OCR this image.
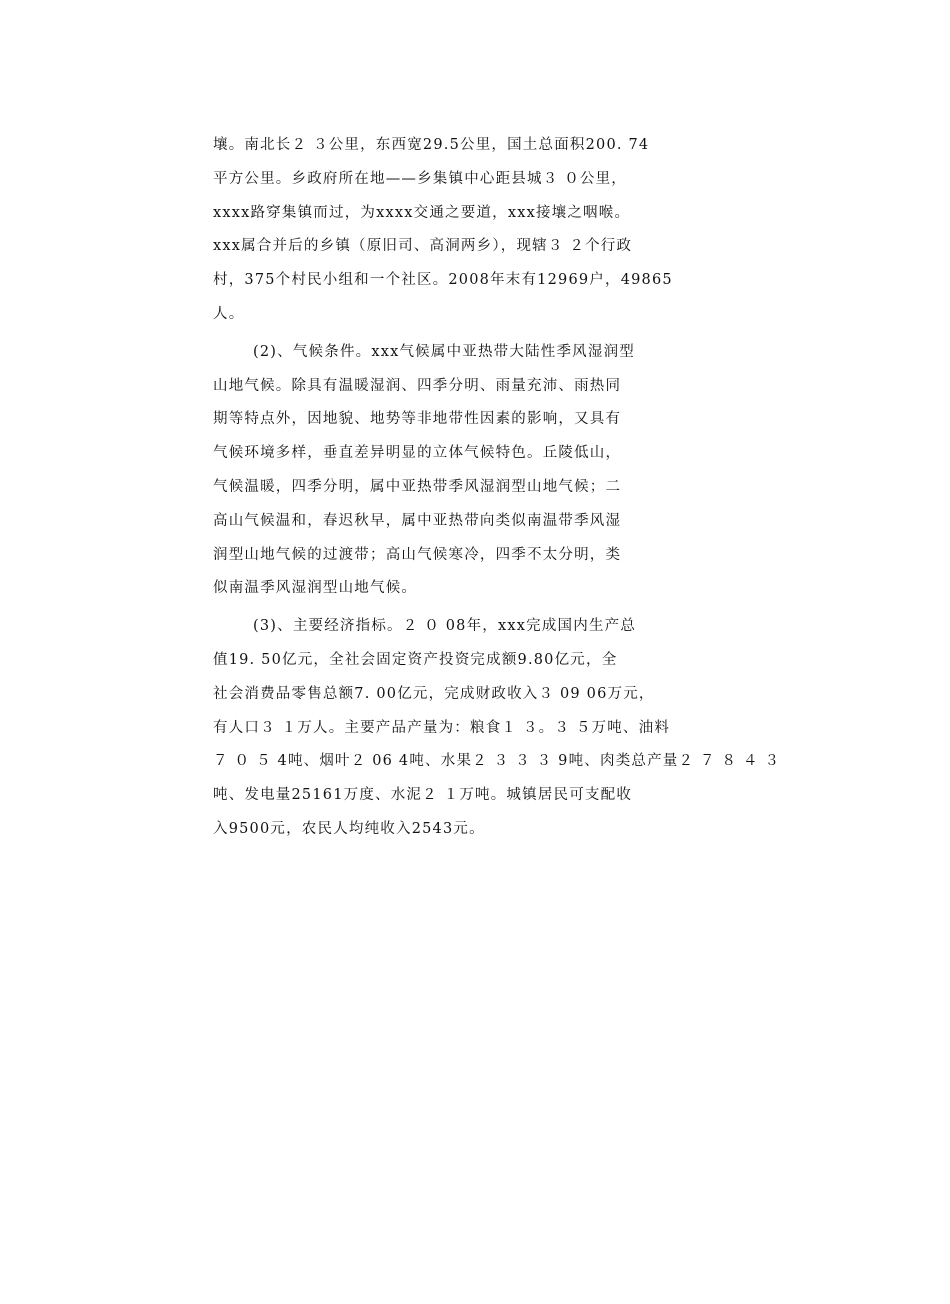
壤。南北长２ ３公里，东西宽29.5公里，国土总面积200. 74
平方公里。乡政府所在地——乡集镇中心距县城３ ０公里，
xxxx路穿集镇而过，为xxxx交通之要道，xxx接壤之咽喉。
xxx属合并后的乡镇（原旧司、高洞两乡），现辖３ ２个行政
村，375个村民小组和一个社区。2008年末有12969户，49865
人。
(2)、气候条件。xxx气候属中亚热带大陆性季风湿润型
山地气候。除具有温暖湿润、四季分明、雨量充沛、雨热同
期等特点外，因地貌、地势等非地带性因素的影响，又具有
气候环境多样，垂直差异明显的立体气候特色。丘陵低山，
气候温暖，四季分明，属中亚热带季风湿润型山地气候；二
高山气候温和，春迟秋早，属中亚热带向类似南温带季风湿
润型山地气候的过渡带；高山气候寒冷，四季不太分明，类
似南温季风湿润型山地气候。
(3)、主要经济指标。２ ０ 08年，xxx完成国内生产总
值19. 50亿元，全社会固定资产投资完成额9.80亿元，全
社会消费品零售总额7. 00亿元，完成财政收入３ 09 06万元，
有人口３ １万人。主要产品产量为：粮食１ ３。３ ５万吨、油料
７ ０ ５ 4吨、烟叶２ 06 4吨、水果２ ３ ３ ３ 9吨、肉类总产量２ ７ ８ ４ ３
吨、发电量25161万度、水泥２ １万吨。城镇居民可支配收
入9500元，农民人均纯收入2543元。
